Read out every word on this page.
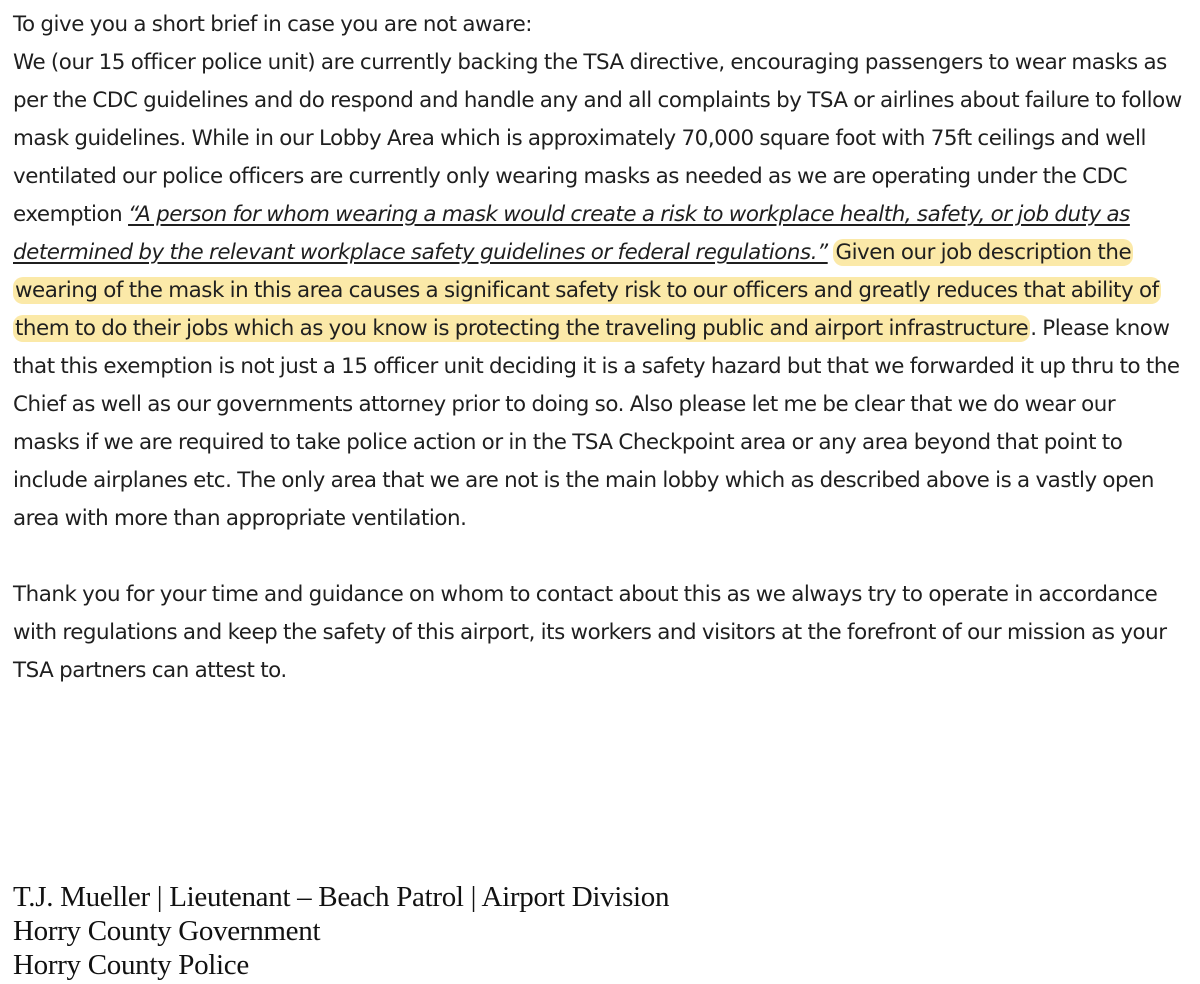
To give you a short brief in case you are not aware:
We (our 15 officer police unit) are currently backing the TSA directive, encouraging passengers to wear masks as per the CDC guidelines and do respond and handle any and all complaints by TSA or airlines about failure to follow mask guidelines. While in our Lobby Area which is approximately 70,000 square foot with 75ft ceilings and well ventilated our police officers are currently only wearing masks as needed as we are operating under the CDC exemption “A person for whom wearing a mask would create a risk to workplace health, safety, or job duty as determined by the relevant workplace safety guidelines or federal regulations.” Given our job description the wearing of the mask in this area causes a significant safety risk to our officers and greatly reduces that ability of them to do their jobs which as you know is protecting the traveling public and airport infrastructure. Please know that this exemption is not just a 15 officer unit deciding it is a safety hazard but that we forwarded it up thru to the Chief as well as our governments attorney prior to doing so. Also please let me be clear that we do wear our masks if we are required to take police action or in the TSA Checkpoint area or any area beyond that point to include airplanes etc. The only area that we are not is the main lobby which as described above is a vastly open area with more than appropriate ventilation.

Thank you for your time and guidance on whom to contact about this as we always try to operate in accordance with regulations and keep the safety of this airport, its workers and visitors at the forefront of our mission as your TSA partners can attest to.

T.J. Mueller | Lieutenant – Beach Patrol | Airport Division
Horry County Government
Horry County Police
